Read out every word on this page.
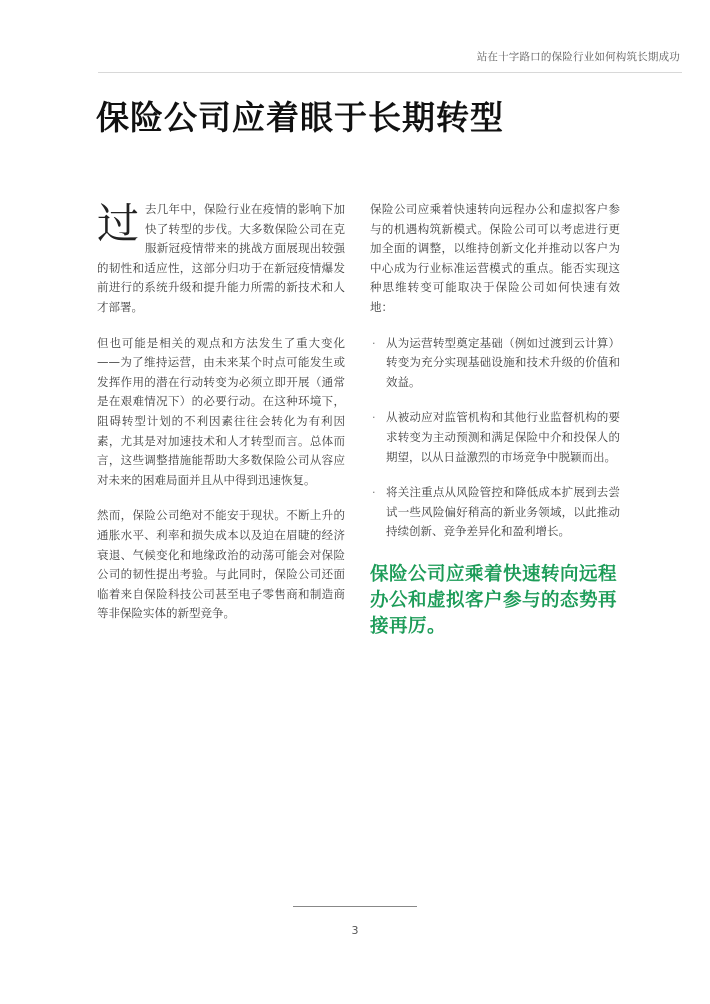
站在十字路口的保险行业如何构筑长期成功
保险公司应着眼于长期转型

过去几年中，保险行业在疫情的影响下加快了转型的步伐。大多数保险公司在克服新冠疫情带来的挑战方面展现出较强的韧性和适应性，这部分归功于在新冠疫情爆发前进行的系统升级和提升能力所需的新技术和人才部署。

但也可能是相关的观点和方法发生了重大变化——为了维持运营，由未来某个时点可能发生或发挥作用的潜在行动转变为必须立即开展（通常是在艰难情况下）的必要行动。在这种环境下，阻碍转型计划的不利因素往往会转化为有利因素，尤其是对加速技术和人才转型而言。总体而言，这些调整措施能帮助大多数保险公司从容应对未来的困难局面并且从中得到迅速恢复。

然而，保险公司绝对不能安于现状。不断上升的通胀水平、利率和损失成本以及迫在眉睫的经济衰退、气候变化和地缘政治的动荡可能会对保险公司的韧性提出考验。与此同时，保险公司还面临着来自保险科技公司甚至电子零售商和制造商等非保险实体的新型竞争。

保险公司应乘着快速转向远程办公和虚拟客户参与的机遇构筑新模式。保险公司可以考虑进行更加全面的调整，以维持创新文化并推动以客户为中心成为行业标准运营模式的重点。能否实现这种思维转变可能取决于保险公司如何快速有效地：

· 从为运营转型奠定基础（例如过渡到云计算）转变为充分实现基础设施和技术升级的价值和效益。
· 从被动应对监管机构和其他行业监督机构的要求转变为主动预测和满足保险中介和投保人的期望，以从日益激烈的市场竞争中脱颖而出。
· 将关注重点从风险管控和降低成本扩展到去尝试一些风险偏好稍高的新业务领域，以此推动持续创新、竞争差异化和盈利增长。

保险公司应乘着快速转向远程办公和虚拟客户参与的态势再接再厉。

3
